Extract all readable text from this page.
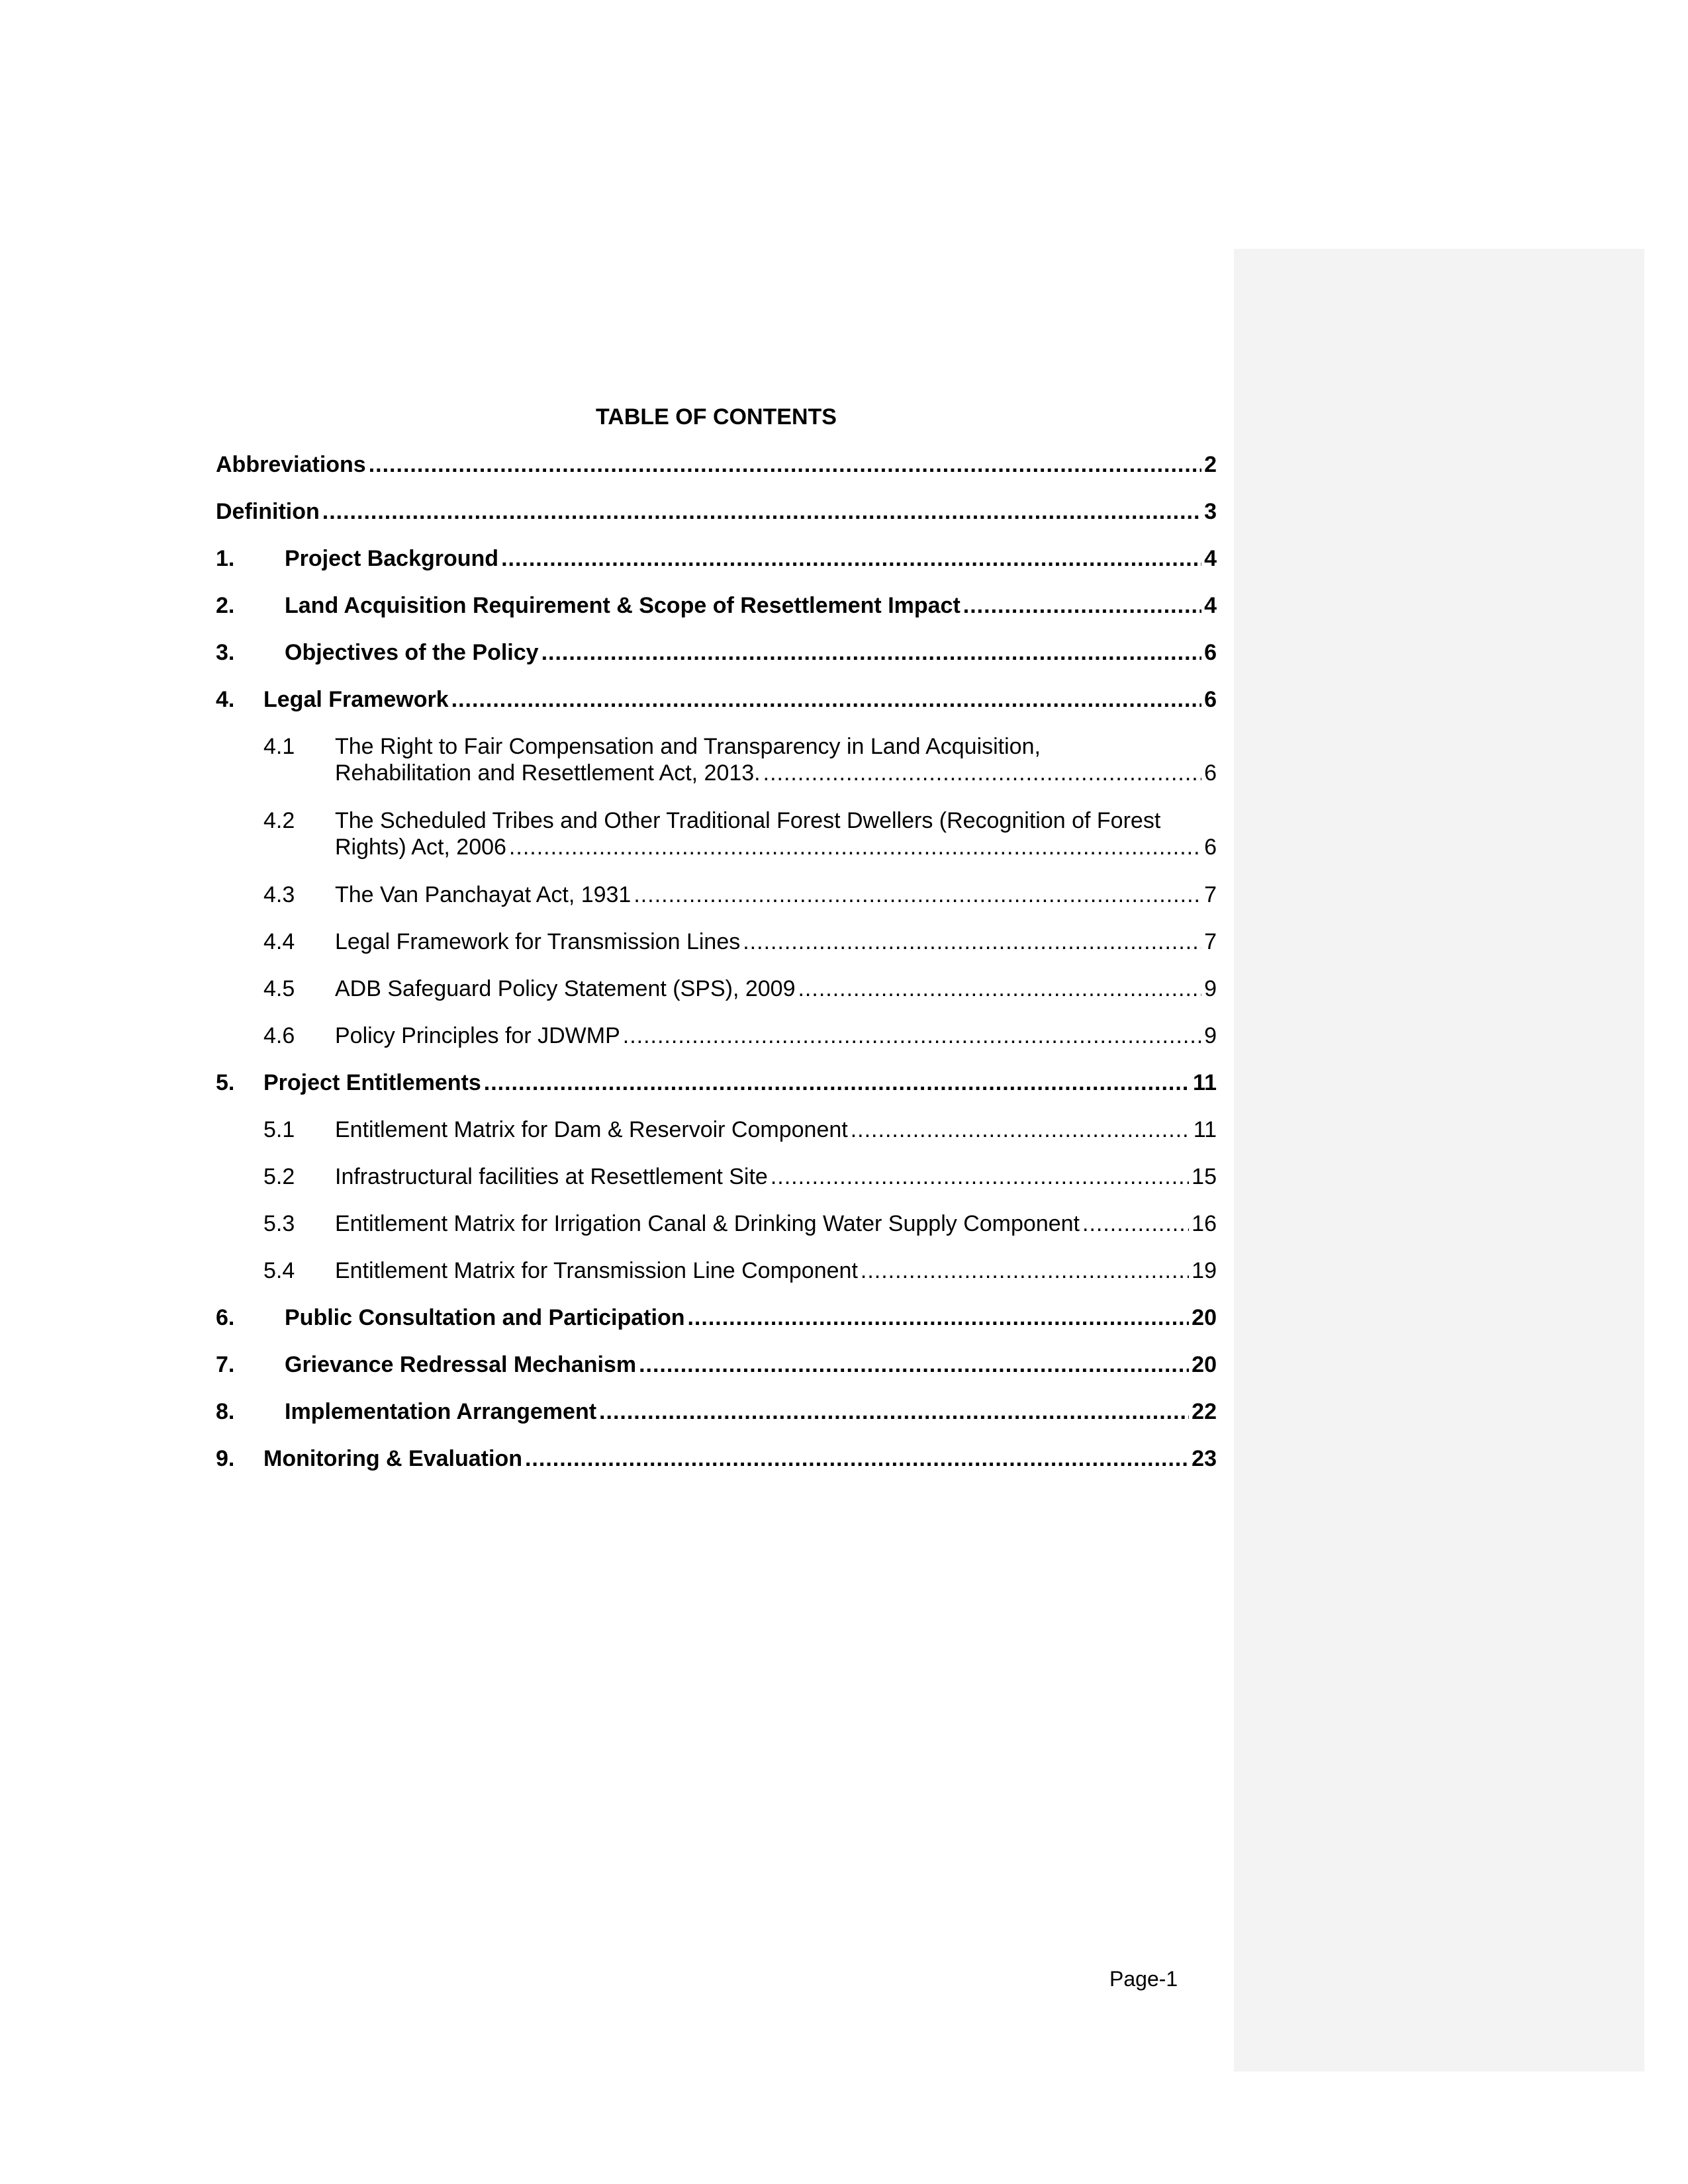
TABLE OF CONTENTS
Abbreviations .....	2
Definition .....	3
1.	Project Background .....	4
2.	Land Acquisition Requirement & Scope of Resettlement Impact .....	4
3.	Objectives of the Policy .....	6
4.	Legal Framework .....	6
4.1	The Right to Fair Compensation and Transparency in Land Acquisition,
Rehabilitation and Resettlement Act, 2013. .....	6
4.2	The Scheduled Tribes and Other Traditional Forest Dwellers (Recognition of Forest
Rights) Act, 2006 .....	6
4.3	The Van Panchayat Act, 1931 .....	7
4.4	Legal Framework for Transmission Lines .....	7
4.5	ADB Safeguard Policy Statement (SPS), 2009 .....	9
4.6	Policy Principles for JDWMP .....	9
5.	Project Entitlements .....	11
5.1	Entitlement Matrix for Dam & Reservoir Component .....	11
5.2	Infrastructural facilities at Resettlement Site .....	15
5.3	Entitlement Matrix for Irrigation Canal & Drinking Water Supply Component .....	16
5.4	Entitlement Matrix for Transmission Line Component .....	19
6.	Public Consultation and Participation .....	20
7.	Grievance Redressal Mechanism .....	20
8.	Implementation Arrangement .....	22
9.	Monitoring & Evaluation .....	23
Page-1
